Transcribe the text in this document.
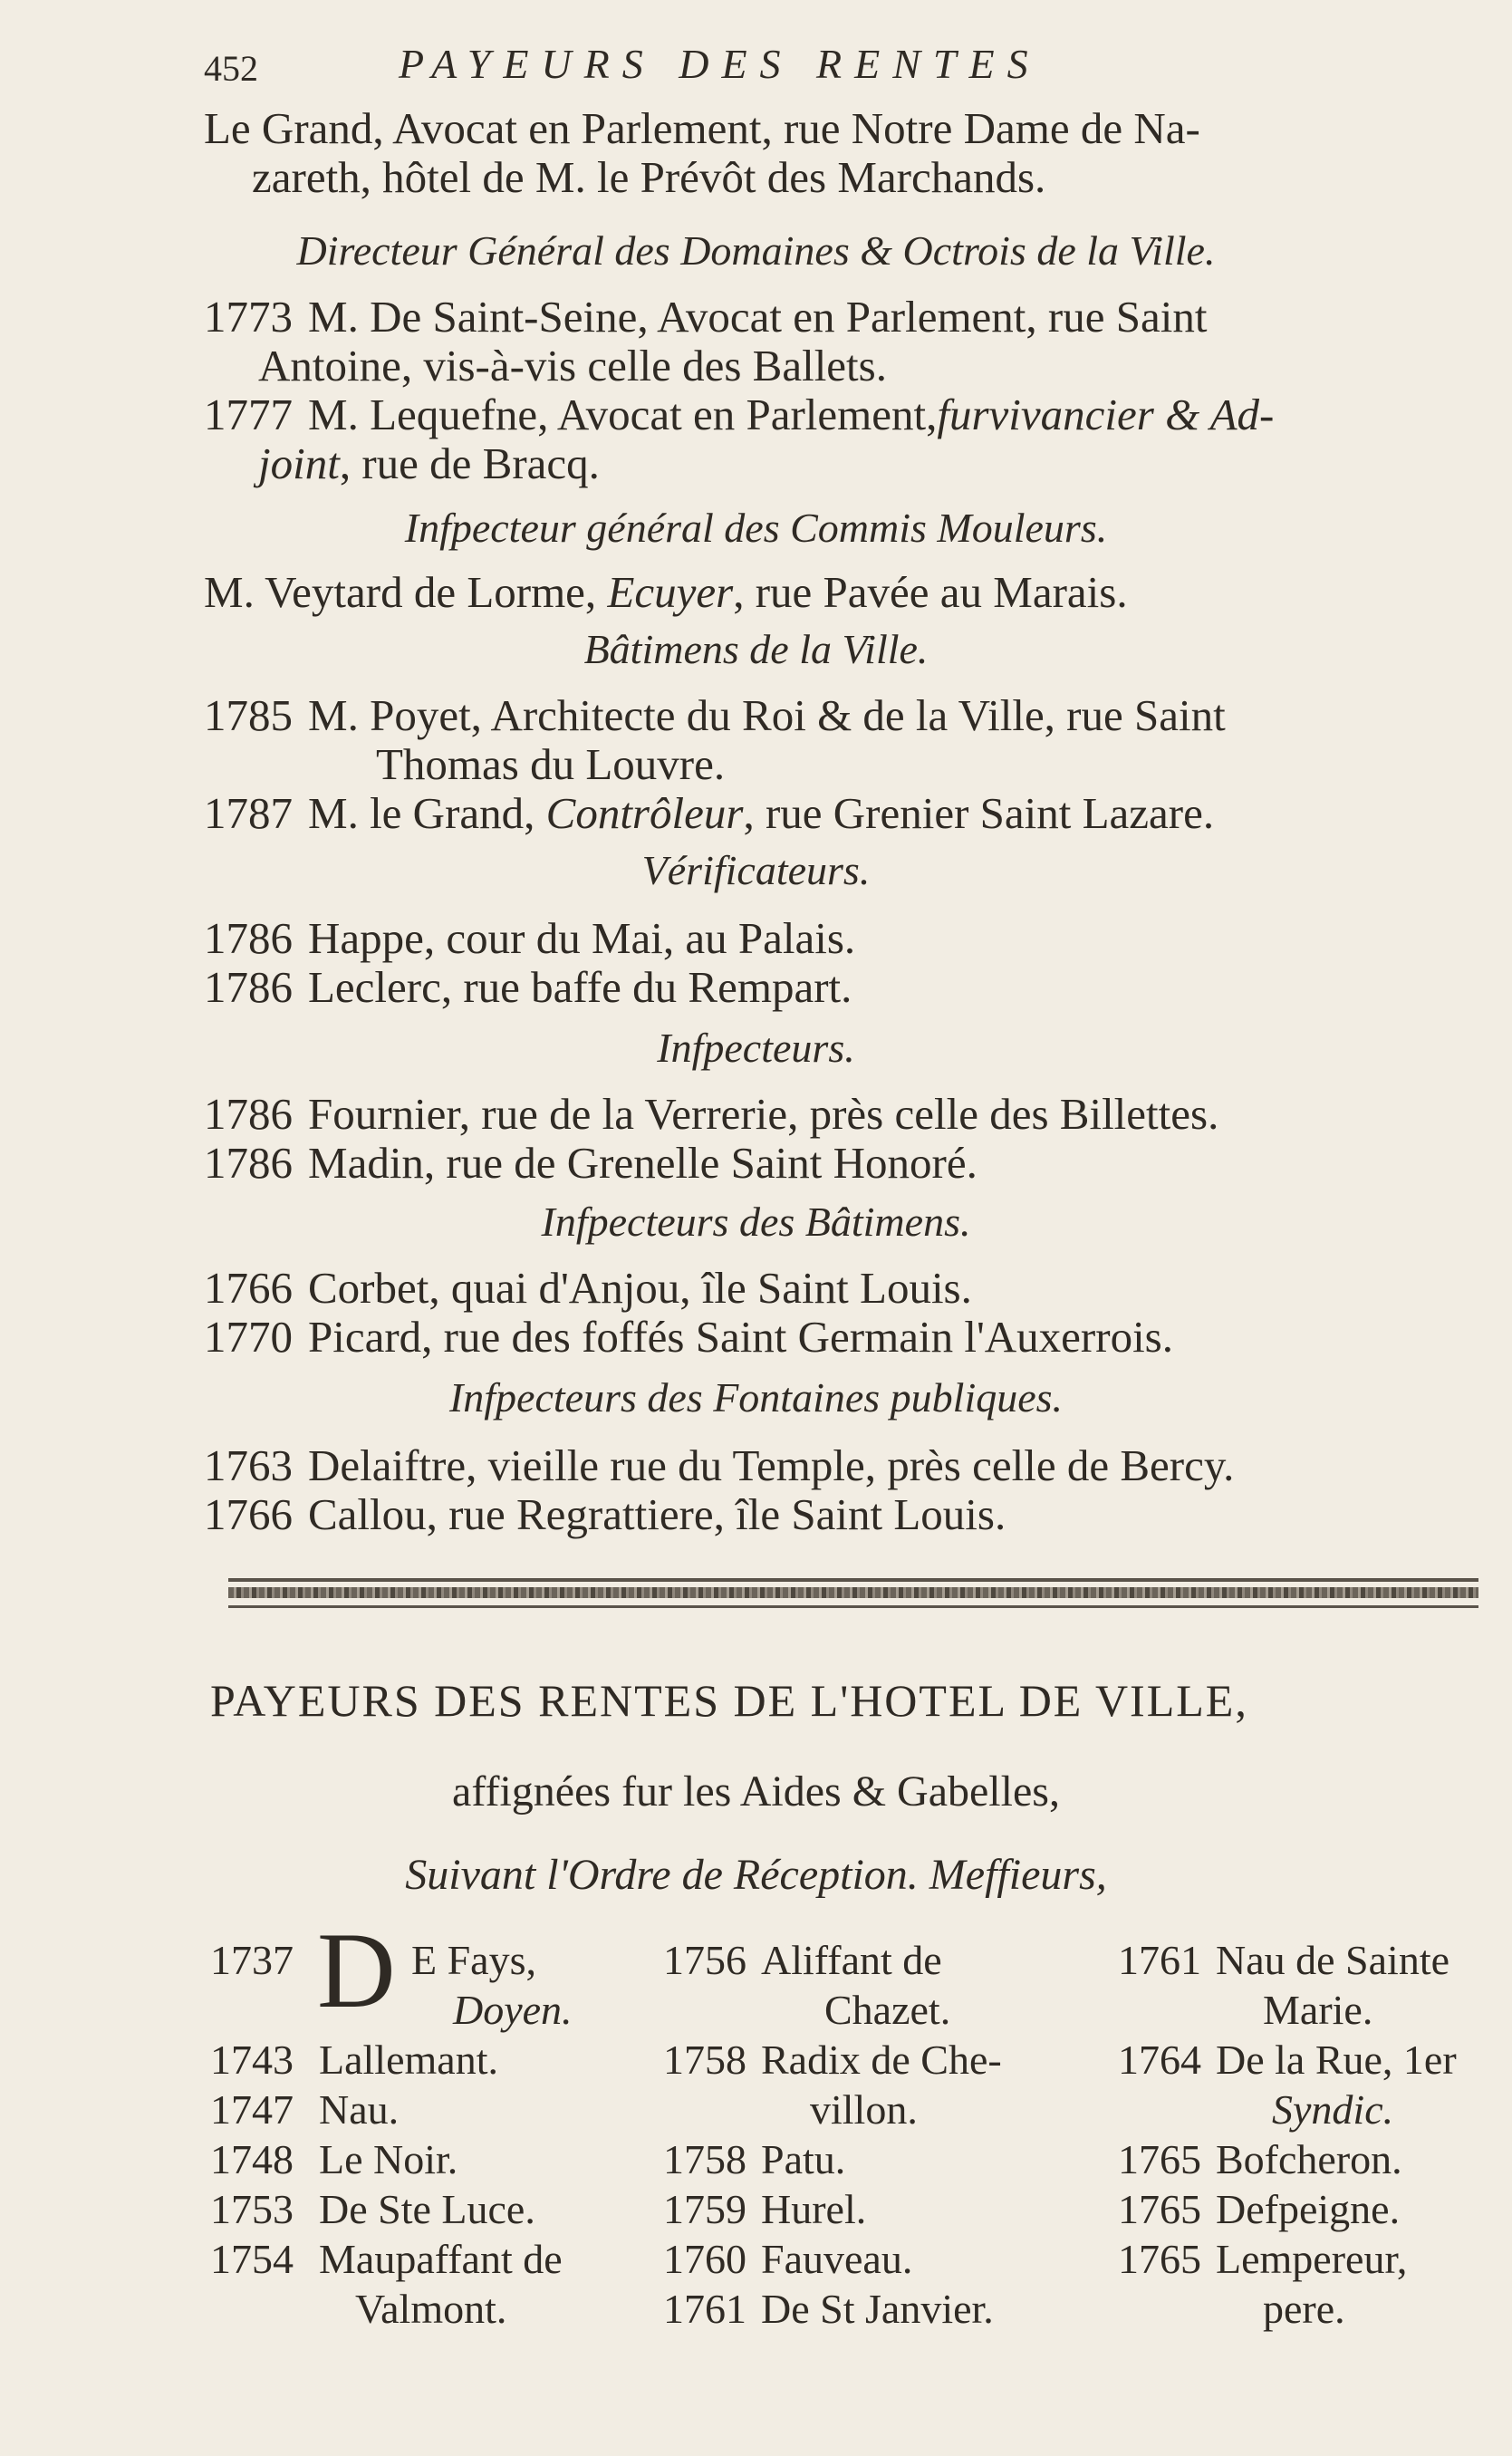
452	PAYEURS DES RENTES
Le Grand, Avocat en Parlement, rue Notre Dame de Na-
zareth, hôtel de M. le Prévôt des Marchands.
Directeur Général des Domaines & Octrois de la Ville.
1773 M. De Saint-Seine, Avocat en Parlement, rue Saint
Antoine, vis-à-vis celle des Ballets.
1777 M. Lequefne, Avocat en Parlement,furvivancier & Ad-
joint, rue de Bracq.
Infpecteur général des Commis Mouleurs.
M. Veytard de Lorme, Ecuyer, rue Pavée au Marais.
Bâtimens de la Ville.
1785 M. Poyet, Architecte du Roi & de la Ville, rue Saint
Thomas du Louvre.
1787 M. le Grand, Contrôleur, rue Grenier Saint Lazare.
Vérificateurs.
1786 Happe, cour du Mai, au Palais.
1786 Leclerc, rue baffe du Rempart.
Infpecteurs.
1786 Fournier, rue de la Verrerie, près celle des Billettes.
1786 Madin, rue de Grenelle Saint Honoré.
Infpecteurs des Bâtimens.
1766 Corbet, quai d'Anjou, île Saint Louis.
1770 Picard, rue des foffés Saint Germain l'Auxerrois.
Infpecteurs des Fontaines publiques.
1763 Delaiftre, vieille rue du Temple, près celle de Bercy.
1766 Callou, rue Regrattiere, île Saint Louis.
PAYEURS DES RENTES DE L'HOTEL DE VILLE,
affignées fur les Aides & Gabelles,
Suivant l'Ordre de Réception. Meffieurs,
D
1737	E Fays,
Doyen.
1743 Lallemant.
1747 Nau.
1748 Le Noir.
1753 De Ste Luce.
1754 Maupaffant de
Valmont.
1756 Aliffant de
Chazet.
1758 Radix de Che-
villon.
1758 Patu.
1759 Hurel.
1760 Fauveau.
1761 De St Janvier.
1761 Nau de Sainte
Marie.
1764 De la Rue, 1er
Syndic.
1765 Bofcheron.
1765 Defpeigne.
1765 Lempereur,
pere.
